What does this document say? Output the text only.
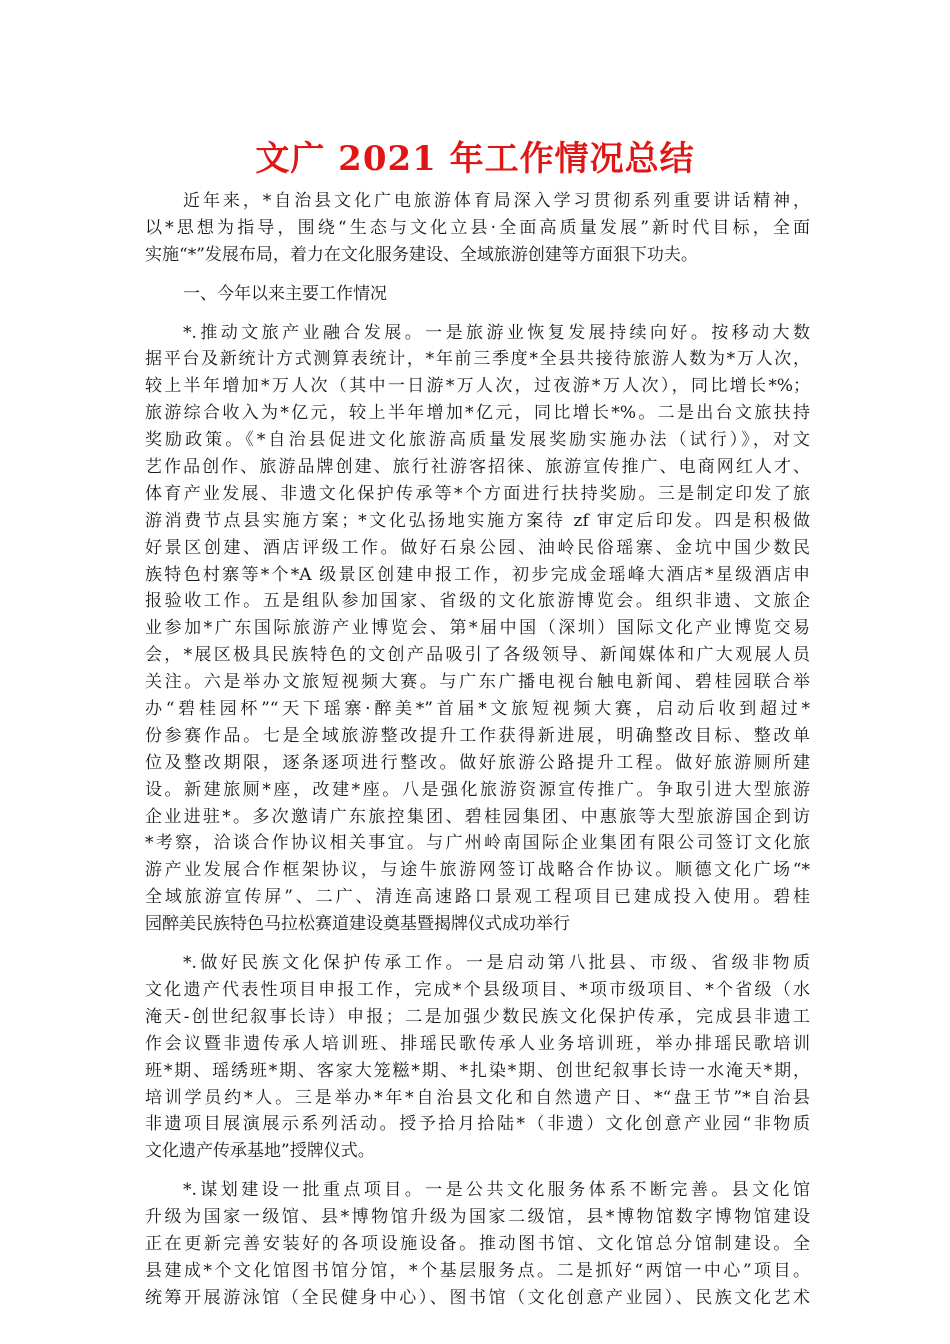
文广 2021 年工作情况总结
近年来，*自治县文化广电旅游体育局深入学习贯彻系列重要讲话精神，
以*思想为指导，围绕“生态与文化立县·全面高质量发展”新时代目标，全面
实施“*”发展布局，着力在文化服务建设、全域旅游创建等方面狠下功夫。
一、今年以来主要工作情况
*.推动文旅产业融合发展。一是旅游业恢复发展持续向好。按移动大数
据平台及新统计方式测算表统计，*年前三季度*全县共接待旅游人数为*万人次，
较上半年增加*万人次（其中一日游*万人次，过夜游*万人次），同比增长*%；
旅游综合收入为*亿元，较上半年增加*亿元，同比增长*%。二是出台文旅扶持
奖励政策。《*自治县促进文化旅游高质量发展奖励实施办法（试行）》，对文
艺作品创作、旅游品牌创建、旅行社游客招徕、旅游宣传推广、电商网红人才、
体育产业发展、非遗文化保护传承等*个方面进行扶持奖励。三是制定印发了旅
游消费节点县实施方案；*文化弘扬地实施方案待 zf 审定后印发。四是积极做
好景区创建、酒店评级工作。做好石泉公园、油岭民俗瑶寨、金坑中国少数民
族特色村寨等*个*A 级景区创建申报工作，初步完成金瑶峰大酒店*星级酒店申
报验收工作。五是组队参加国家、省级的文化旅游博览会。组织非遗、文旅企
业参加*广东国际旅游产业博览会、第*届中国（深圳）国际文化产业博览交易
会，*展区极具民族特色的文创产品吸引了各级领导、新闻媒体和广大观展人员
关注。六是举办文旅短视频大赛。与广东广播电视台触电新闻、碧桂园联合举
办“碧桂园杯”“天下瑶寨·醉美*”首届*文旅短视频大赛，启动后收到超过*
份参赛作品。七是全域旅游整改提升工作获得新进展，明确整改目标、整改单
位及整改期限，逐条逐项进行整改。做好旅游公路提升工程。做好旅游厕所建
设。新建旅厕*座，改建*座。八是强化旅游资源宣传推广。争取引进大型旅游
企业进驻*。多次邀请广东旅控集团、碧桂园集团、中惠旅等大型旅游国企到访
*考察，洽谈合作协议相关事宜。与广州岭南国际企业集团有限公司签订文化旅
游产业发展合作框架协议，与途牛旅游网签订战略合作协议。顺德文化广场“*
全域旅游宣传屏”、二广、清连高速路口景观工程项目已建成投入使用。碧桂
园醉美民族特色马拉松赛道建设奠基暨揭牌仪式成功举行
*.做好民族文化保护传承工作。一是启动第八批县、市级、省级非物质
文化遗产代表性项目申报工作，完成*个县级项目、*项市级项目、*个省级（水
淹天-创世纪叙事长诗）申报；二是加强少数民族文化保护传承，完成县非遗工
作会议暨非遗传承人培训班、排瑶民歌传承人业务培训班，举办排瑶民歌培训
班*期、瑶绣班*期、客家大笼糍*期、*扎染*期、创世纪叙事长诗一水淹天*期，
培训学员约*人。三是举办*年*自治县文化和自然遗产日、*“盘王节”*自治县
非遗项目展演展示系列活动。授予拾月拾陆*（非遗）文化创意产业园“非物质
文化遗产传承基地”授牌仪式。
*.谋划建设一批重点项目。一是公共文化服务体系不断完善。县文化馆
升级为国家一级馆、县*博物馆升级为国家二级馆，县*博物馆数字博物馆建设
正在更新完善安装好的各项设施设备。推动图书馆、文化馆总分馆制建设。全
县建成*个文化馆图书馆分馆，*个基层服务点。二是抓好“两馆一中心”项目。
统筹开展游泳馆（全民健身中心）、图书馆（文化创意产业园）、民族文化艺术
